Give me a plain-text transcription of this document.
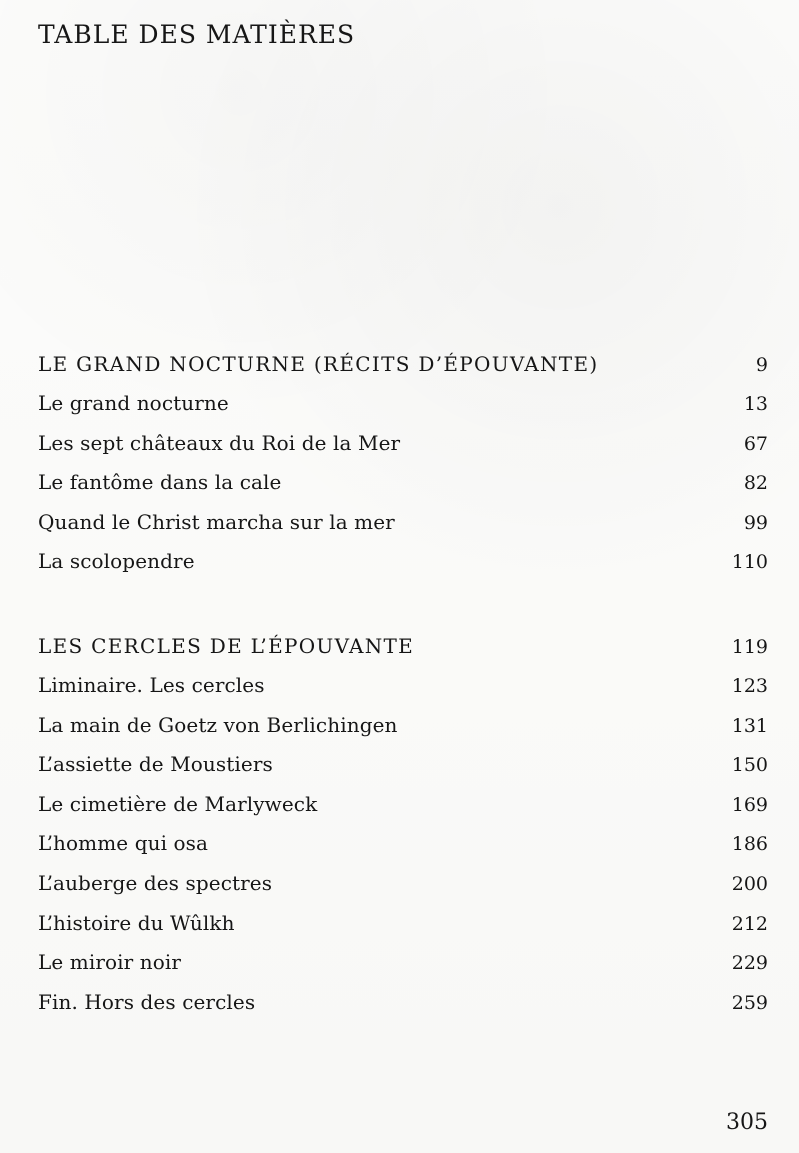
TABLE DES MATIÈRES
LE GRAND NOCTURNE (RÉCITS D’ÉPOUVANTE)	9
Le grand nocturne	13
Les sept châteaux du Roi de la Mer	67
Le fantôme dans la cale	82
Quand le Christ marcha sur la mer	99
La scolopendre	110
LES CERCLES DE L’ÉPOUVANTE	119
Liminaire. Les cercles	123
La main de Goetz von Berlichingen	131
L’assiette de Moustiers	150
Le cimetière de Marlyweck	169
L’homme qui osa	186
L’auberge des spectres	200
L’histoire du Wûlkh	212
Le miroir noir	229
Fin. Hors des cercles	259
305
